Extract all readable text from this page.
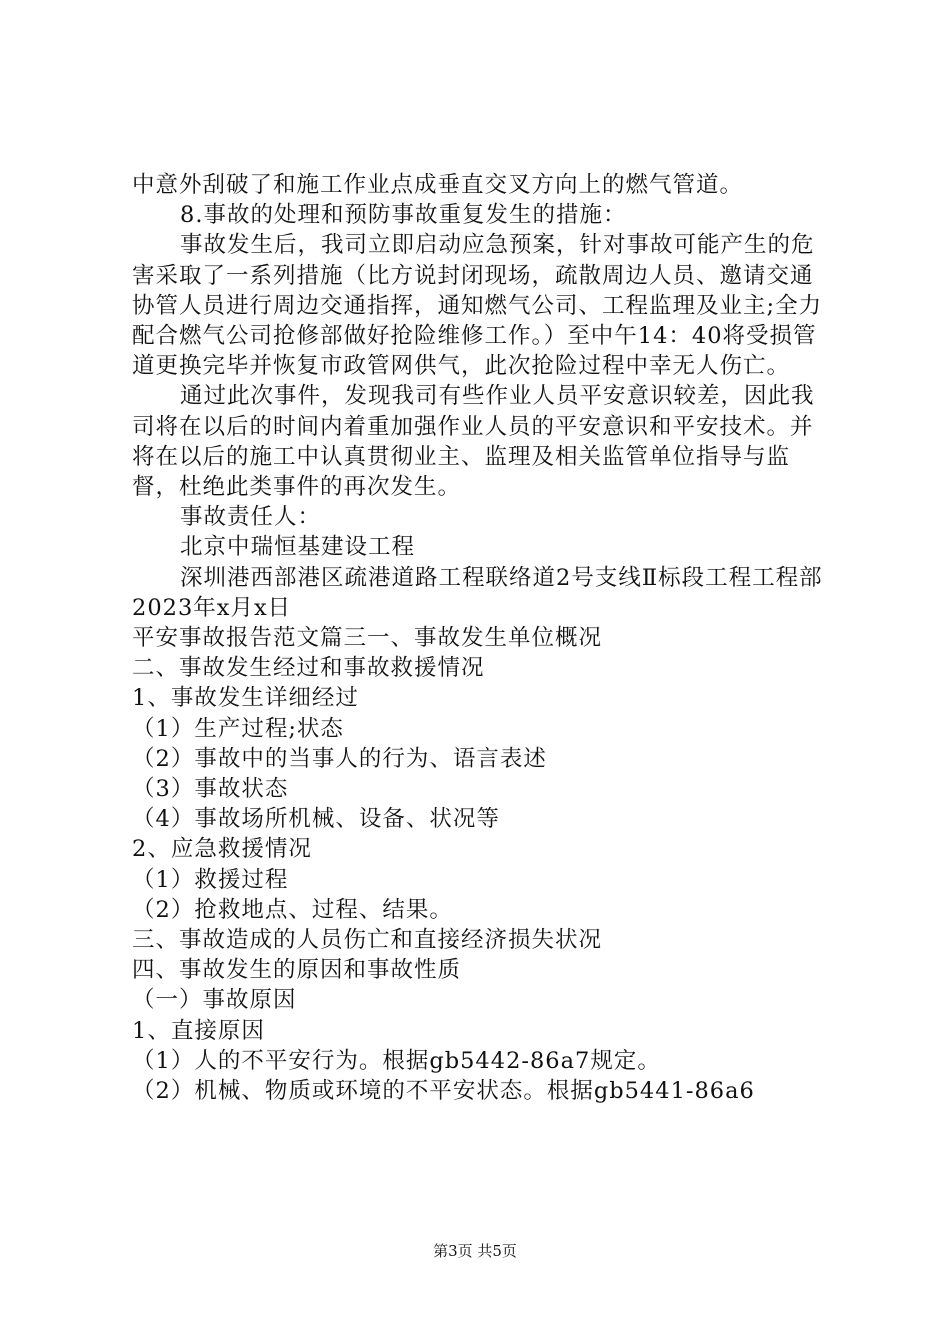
中意外刮破了和施工作业点成垂直交叉方向上的燃气管道。

8.事故的处理和预防事故重复发生的措施：

事故发生后，我司立即启动应急预案，针对事故可能产生的危害采取了一系列措施（比方说封闭现场，疏散周边人员、邀请交通协管人员进行周边交通指挥，通知燃气公司、工程监理及业主;全力配合燃气公司抢修部做好抢险维修工作。）至中午14：40将受损管道更换完毕并恢复市政管网供气，此次抢险过程中幸无人伤亡。

通过此次事件，发现我司有些作业人员平安意识较差，因此我司将在以后的时间内着重加强作业人员的平安意识和平安技术。并将在以后的施工中认真贯彻业主、监理及相关监管单位指导与监督，杜绝此类事件的再次发生。

事故责任人：

北京中瑞恒基建设工程

深圳港西部港区疏港道路工程联络道2号支线Ⅱ标段工程工程部

2023年x月x日

平安事故报告范文篇三一、事故发生单位概况

二、事故发生经过和事故救援情况

1、事故发生详细经过

（1）生产过程;状态

（2）事故中的当事人的行为、语言表述

（3）事故状态

（4）事故场所机械、设备、状况等

2、应急救援情况

（1）救援过程

（2）抢救地点、过程、结果。

三、事故造成的人员伤亡和直接经济损失状况

四、事故发生的原因和事故性质

（一）事故原因

1、直接原因

（1）人的不平安行为。根据gb5442-86a7规定。

（2）机械、物质或环境的不平安状态。根据gb5441-86a6

第3页 共5页
